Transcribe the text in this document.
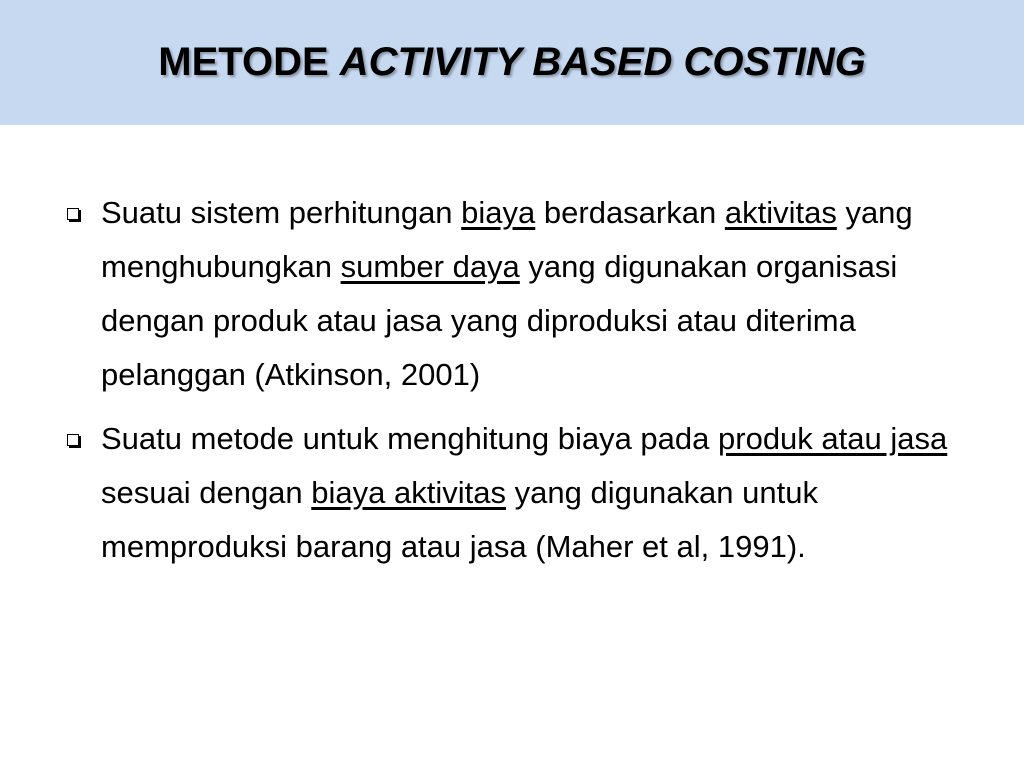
METODE ACTIVITY BASED COSTING
Suatu sistem perhitungan biaya berdasarkan aktivitas yang menghubungkan sumber daya yang digunakan organisasi dengan produk atau jasa yang diproduksi atau diterima pelanggan (Atkinson, 2001)
Suatu metode untuk menghitung biaya pada produk atau jasa sesuai dengan biaya aktivitas yang digunakan untuk memproduksi barang atau jasa (Maher et al, 1991).
